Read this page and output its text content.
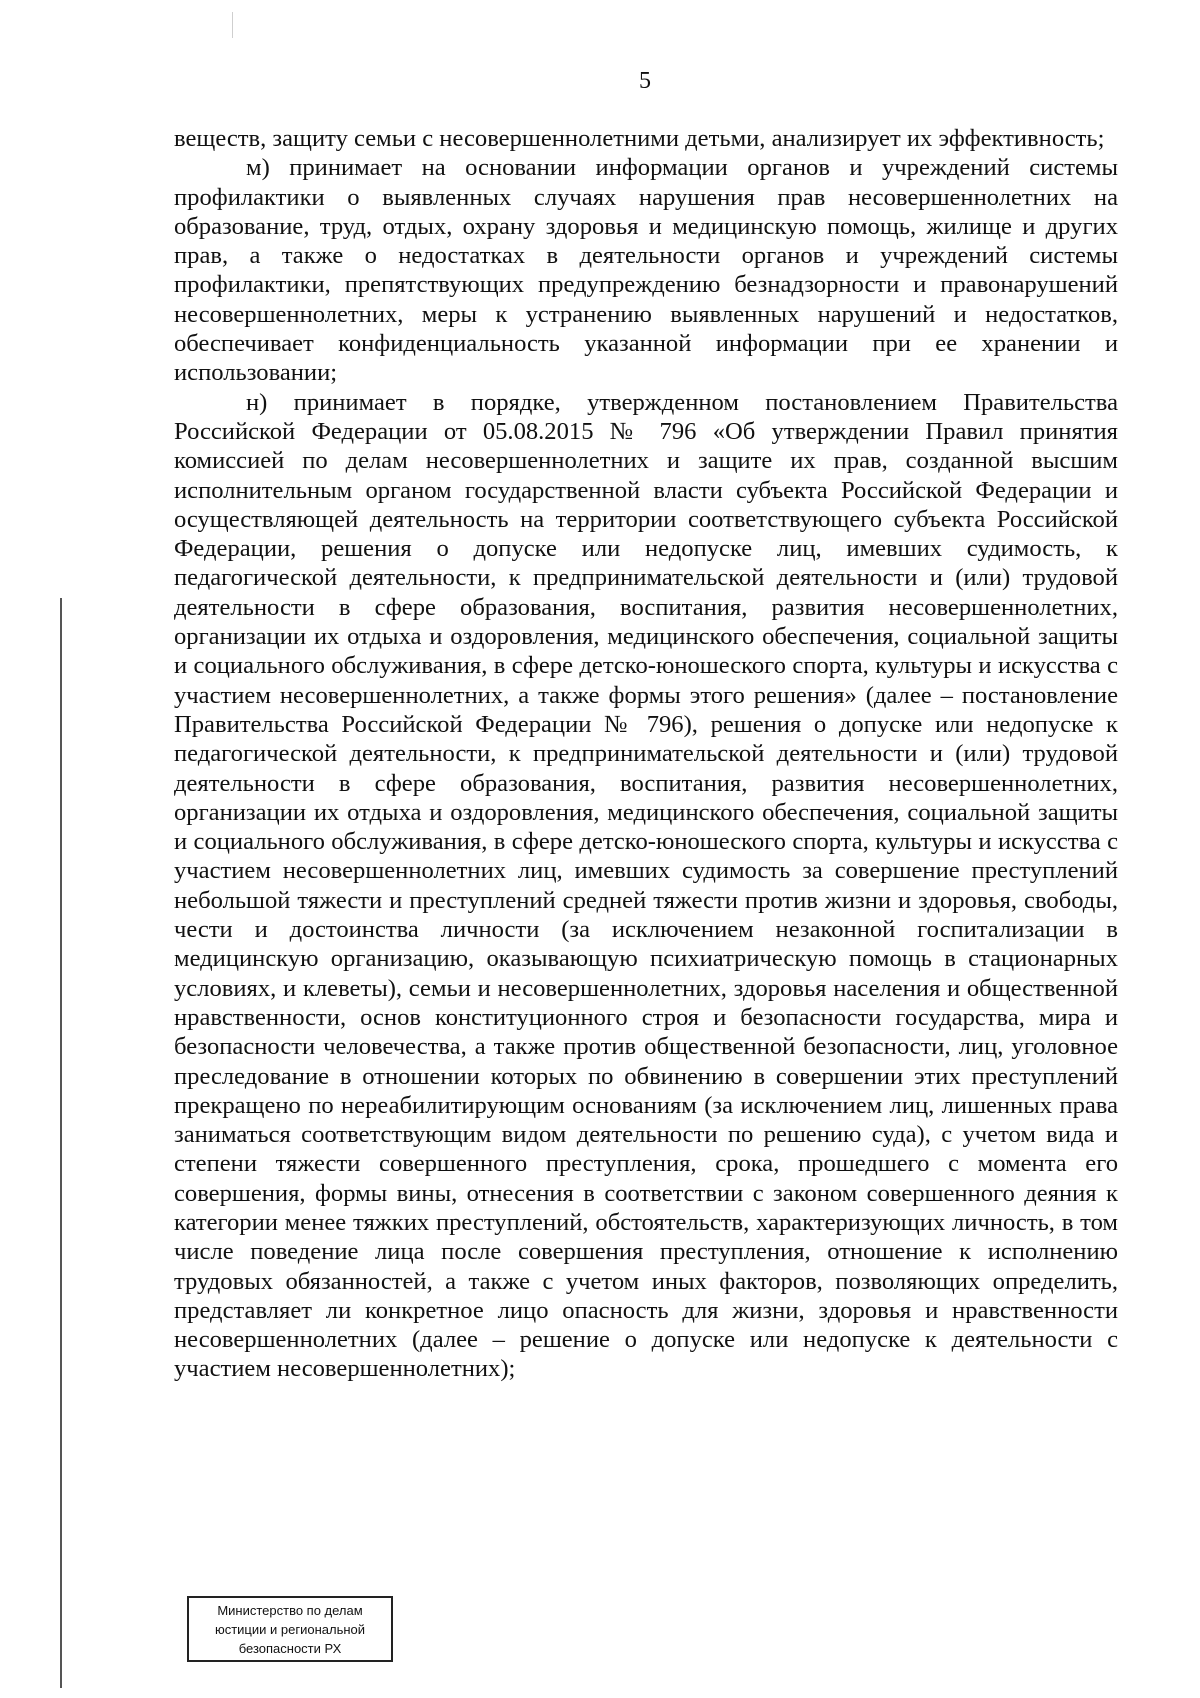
5

веществ, защиту семьи с несовершеннолетними детьми, анализирует их эффективность;

м) принимает на основании информации органов и учреждений системы профилактики о выявленных случаях нарушения прав несовершеннолетних на образование, труд, отдых, охрану здоровья и медицинскую помощь, жилище и других прав, а также о недостатках в деятельности органов и учреждений системы профилактики, препятствующих предупреждению безнадзорности и правонарушений несовершеннолетних, меры к устранению выявленных нарушений и недостатков, обеспечивает конфиденциальность указанной информации при ее хранении и использовании;

н) принимает в порядке, утвержденном постановлением Правительства Российской Федерации от 05.08.2015 № 796 «Об утверждении Правил принятия комиссией по делам несовершеннолетних и защите их прав, созданной высшим исполнительным органом государственной власти субъекта Российской Федерации и осуществляющей деятельность на территории соответствующего субъекта Российской Федерации, решения о допуске или недопуске лиц, имевших судимость, к педагогической деятельности, к предпринимательской деятельности и (или) трудовой деятельности в сфере образования, воспитания, развития несовершеннолетних, организации их отдыха и оздоровления, медицинского обеспечения, социальной защиты и социального обслуживания, в сфере детско-юношеского спорта, культуры и искусства с участием несовершеннолетних, а также формы этого решения» (далее – постановление Правительства Российской Федерации № 796), решения о допуске или недопуске к педагогической деятельности, к предпринимательской деятельности и (или) трудовой деятельности в сфере образования, воспитания, развития несовершеннолетних, организации их отдыха и оздоровления, медицинского обеспечения, социальной защиты и социального обслуживания, в сфере детско-юношеского спорта, культуры и искусства с участием несовершеннолетних лиц, имевших судимость за совершение преступлений небольшой тяжести и преступлений средней тяжести против жизни и здоровья, свободы, чести и достоинства личности (за исключением незаконной госпитализации в медицинскую организацию, оказывающую психиатрическую помощь в стационарных условиях, и клеветы), семьи и несовершеннолетних, здоровья населения и общественной нравственности, основ конституционного строя и безопасности государства, мира и безопасности человечества, а также против общественной безопасности, лиц, уголовное преследование в отношении которых по обвинению в совершении этих преступлений прекращено по нереабилитирующим основаниям (за исключением лиц, лишенных права заниматься соответствующим видом деятельности по решению суда), с учетом вида и степени тяжести совершенного преступления, срока, прошедшего с момента его совершения, формы вины, отнесения в соответствии с законом совершенного деяния к категории менее тяжких преступлений, обстоятельств, характеризующих личность, в том числе поведение лица после совершения преступления, отношение к исполнению трудовых обязанностей, а также с учетом иных факторов, позволяющих определить, представляет ли конкретное лицо опасность для жизни, здоровья и нравственности несовершеннолетних (далее – решение о допуске или недопуске к деятельности с участием несовершеннолетних);

Министерство по делам
юстиции и региональной
безопасности РХ
